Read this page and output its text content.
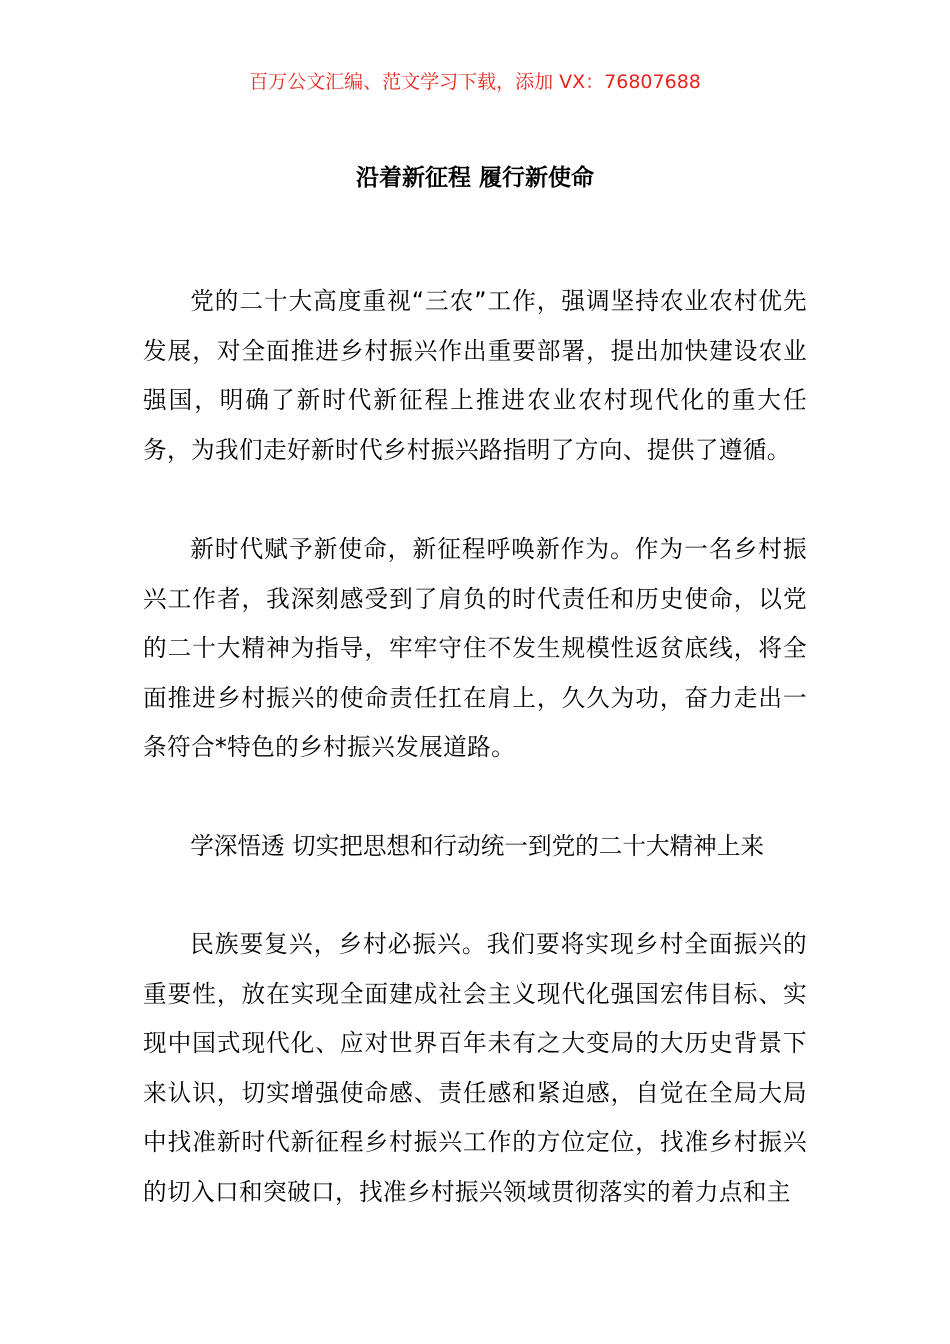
百万公文汇编、范文学习下载，添加 VX：76807688
沿着新征程 履行新使命

党的二十大高度重视“三农”工作，强调坚持农业农村优先发展，对全面推进乡村振兴作出重要部署，提出加快建设农业强国，明确了新时代新征程上推进农业农村现代化的重大任务，为我们走好新时代乡村振兴路指明了方向、提供了遵循。

新时代赋予新使命，新征程呼唤新作为。作为一名乡村振兴工作者，我深刻感受到了肩负的时代责任和历史使命，以党的二十大精神为指导，牢牢守住不发生规模性返贫底线，将全面推进乡村振兴的使命责任扛在肩上，久久为功，奋力走出一条符合*特色的乡村振兴发展道路。

学深悟透 切实把思想和行动统一到党的二十大精神上来

民族要复兴，乡村必振兴。我们要将实现乡村全面振兴的重要性，放在实现全面建成社会主义现代化强国宏伟目标、实现中国式现代化、应对世界百年未有之大变局的大历史背景下来认识，切实增强使命感、责任感和紧迫感，自觉在全局大局中找准新时代新征程乡村振兴工作的方位定位，找准乡村振兴的切入口和突破口，找准乡村振兴领域贯彻落实的着力点和主
